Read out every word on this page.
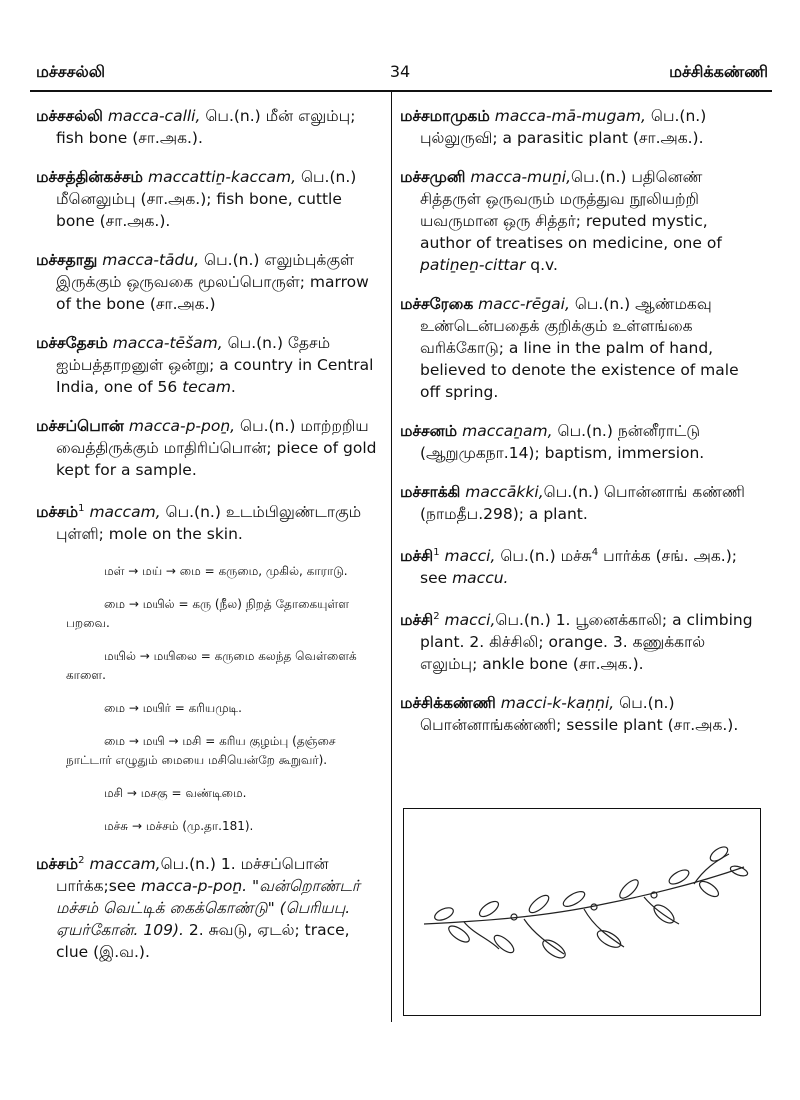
மச்சசல்லி	34	மச்சிக்கண்ணி

மச்சசல்லி macca-calli, பெ.(n.) மீன் எலும்பு; fish bone (சா.அக.).

மச்சத்தின்கச்சம் maccattiṉ-kaccam, பெ.(n.) மீனெலும்பு (சா.அக.); fish bone, cuttle bone (சா.அக.).

மச்சதாது macca-tādu, பெ.(n.) எலும்புக்குள் இருக்கும் ஒருவகை மூலப்பொருள்; marrow of the bone (சா.அக.)

மச்சதேசம் macca-tēšam, பெ.(n.) தேசம் ஐம்பத்தாறனுள் ஒன்று; a country in Central India, one of 56 tecam.

மச்சப்பொன் macca-p-poṉ, பெ.(n.) மாற்றறிய வைத்திருக்கும் மாதிரிப்பொன்; piece of gold kept for a sample.

மச்சம்$^1$ maccam, பெ.(n.) உடம்பிலுண்டாகும் புள்ளி; mole on the skin.

மள் → மய் → மை = கருமை, முகில், காராடு.

மை → மயில் = கரு (நீல) நிறத் தோகையுள்ள பறவை.

மயில் → மயிலை = கருமை கலந்த வெள்ளைக் காளை.

மை → மயிர் = கரியமுடி.

மை → மயி → மசி = கரிய குழம்பு (தஞ்சை நாட்டார் எழுதும் மையை மசியென்றே கூறுவர்).

மசி → மசகு = வண்டிமை.

மச்சு → மச்சம் (மு.தா.181).

மச்சம்$^2$ maccam,பெ.(n.) 1. மச்சப்பொன் பார்க்க;see macca-p-poṉ. "வன்றொண்டர் மச்சம் வெட்டிக் கைக்கொண்டு" (பெரியபு. ஏயர்கோன். 109). 2. சுவடு, ஏடல்; trace, clue (இ.வ.).

மச்சமாமுகம் macca-mā-mugam, பெ.(n.) புல்லுருவி; a parasitic plant (சா.அக.).

மச்சமுனி macca-muṉi,பெ.(n.) பதினெண் சித்தருள் ஒருவரும் மருத்துவ நூலியற்றி யவருமான ஒரு சித்தர்; reputed mystic, author of treatises on medicine, one of patiṉeṉ-cittar q.v.

மச்சரேகை macc-rēgai, பெ.(n.) ஆண்மகவு உண்டென்பதைக் குறிக்கும் உள்ளங்கை வரிக்கோடு; a line in the palm of hand, believed to denote the existence of male off spring.

மச்சனம் maccaṉam, பெ.(n.) நன்னீராட்டு (ஆறுமுகநா.14); baptism, immersion.

மச்சாக்கி maccākki,பெ.(n.) பொன்னாங் கண்ணி (நாமதீப.298); a plant.

மச்சி$^1$ macci, பெ.(n.) மச்சு$^4$ பார்க்க (சங். அக.); see maccu.

மச்சி$^2$ macci,பெ.(n.) 1. பூனைக்காலி; a climbing plant. 2. கிச்சிலி; orange. 3. கணுக்கால் எலும்பு; ankle bone (சா.அக.).

மச்சிக்கண்ணி macci-k-kaṇṇi, பெ.(n.) பொன்னாங்கண்ணி; sessile plant (சா.அக.).
